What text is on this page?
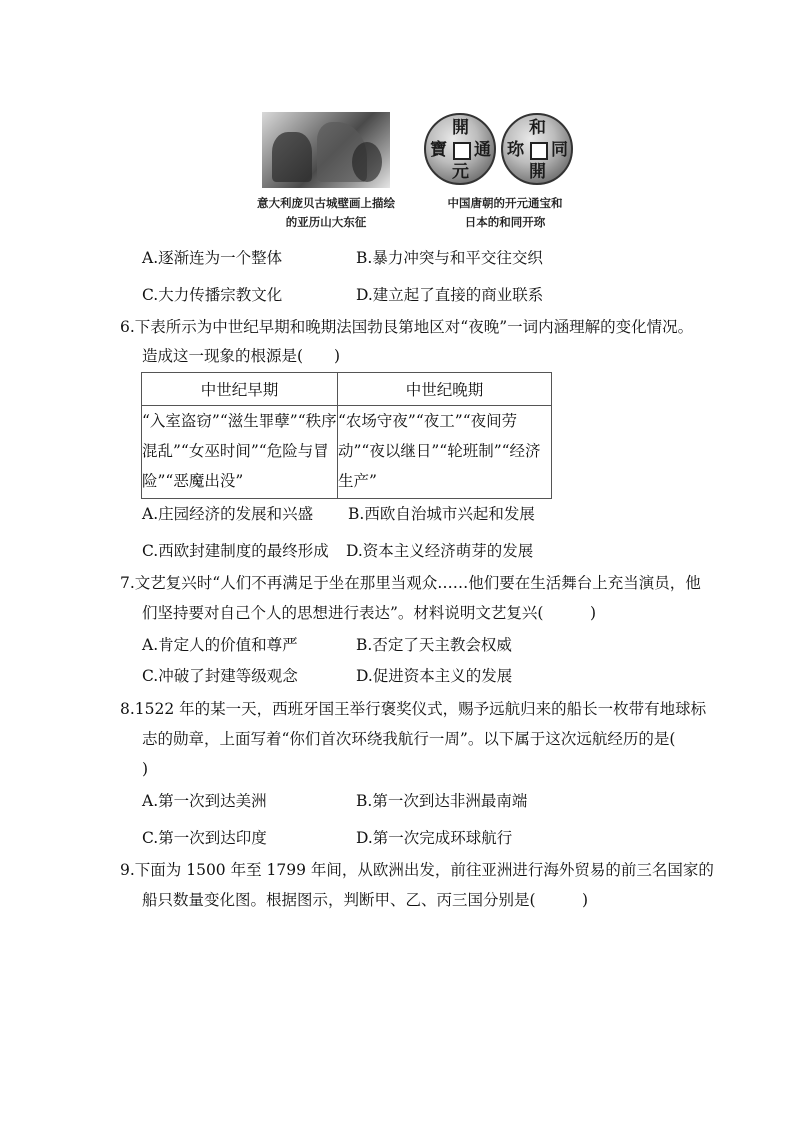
開
通
元
寶
和
同
開
珎
意大利庞贝古城壁画上描绘
的亚历山大东征
中国唐朝的开元通宝和
日本的和同开珎
A.逐渐连为一个整体	B.暴力冲突与和平交往交织
C.大力传播宗教文化	D.建立起了直接的商业联系
6.下表所示为中世纪早期和晚期法国勃艮第地区对“夜晚”一词内涵理解的变化情况。
造成这一现象的根源是(　　)
中世纪早期	中世纪晚期
“入室盗窃”“滋生罪孽”“秩序混乱”“女巫时间”“危险与冒险”“恶魔出没”	“农场守夜”“夜工”“夜间劳动”“夜以继日”“轮班制”“经济生产”
A.庄园经济的发展和兴盛 B.西欧自治城市兴起和发展
C.西欧封建制度的最终形成 D.资本主义经济萌芽的发展
7.文艺复兴时“人们不再满足于坐在那里当观众……他们要在生活舞台上充当演员，他
们坚持要对自己个人的思想进行表达”。材料说明文艺复兴(　　　)
A.肯定人的价值和尊严	B.否定了天主教会权威
C.冲破了封建等级观念	D.促进资本主义的发展
8.1522 年的某一天，西班牙国王举行褒奖仪式，赐予远航归来的船长一枚带有地球标
志的勋章，上面写着“你们首次环绕我航行一周”。以下属于这次远航经历的是(
)
A.第一次到达美洲	B.第一次到达非洲最南端
C.第一次到达印度	D.第一次完成环球航行
9.下面为 1500 年至 1799 年间，从欧洲出发，前往亚洲进行海外贸易的前三名国家的
船只数量变化图。根据图示，判断甲、乙、丙三国分别是(　　　)
